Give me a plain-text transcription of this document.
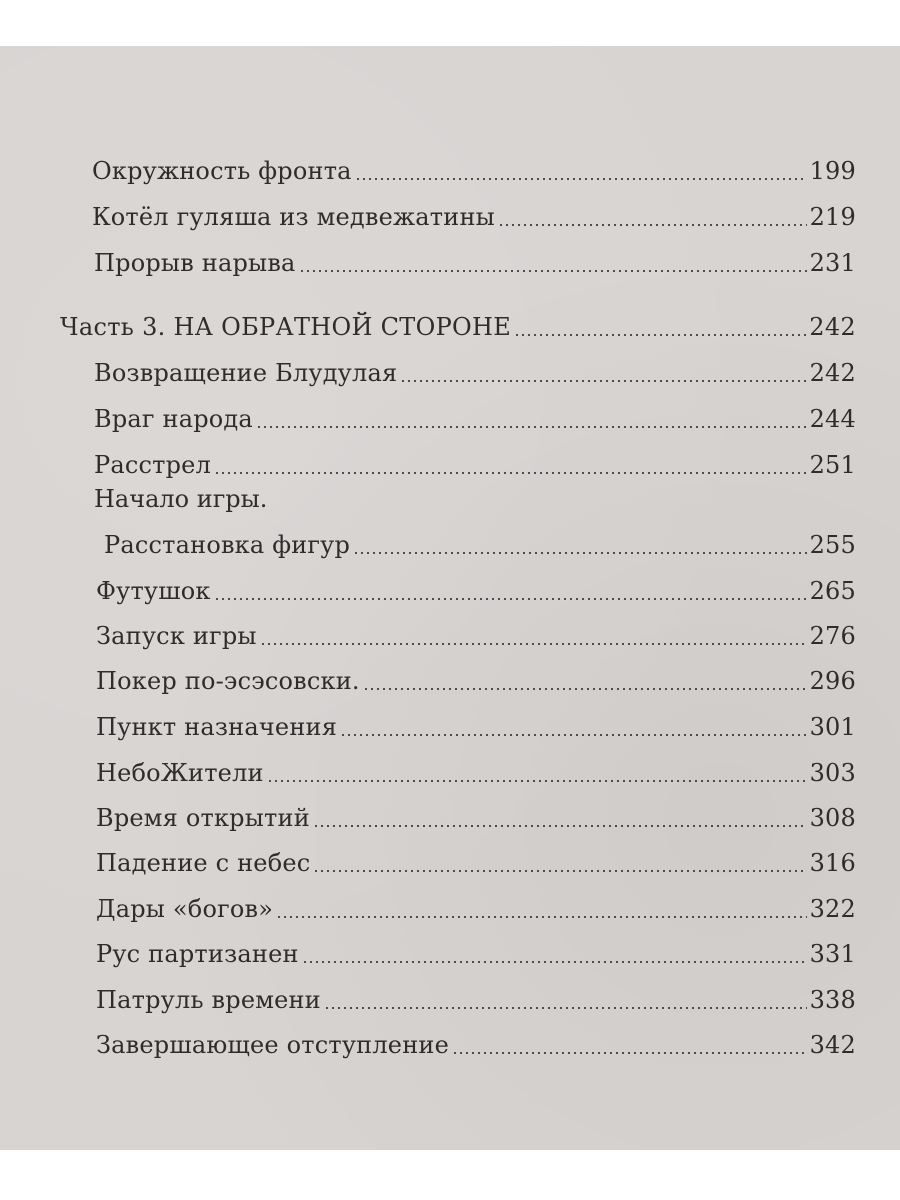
Окружность фронта	199
Котёл гуляша из медвежатины	219
Прорыв нарыва	231
Часть 3. НА ОБРАТНОЙ СТОРОНЕ	242
Возвращение Блудулая	242
Враг народа	244
Расстрел	251
Начало игры.
Расстановка фигур	255
Футушок	265
Запуск игры	276
Покер по-эсэсовски.	296
Пункт назначения	301
НебоЖители	303
Время открытий	308
Падение с небес	316
Дары «богов»	322
Рус партизанен	331
Патруль времени	338
Завершающее отступление	342
